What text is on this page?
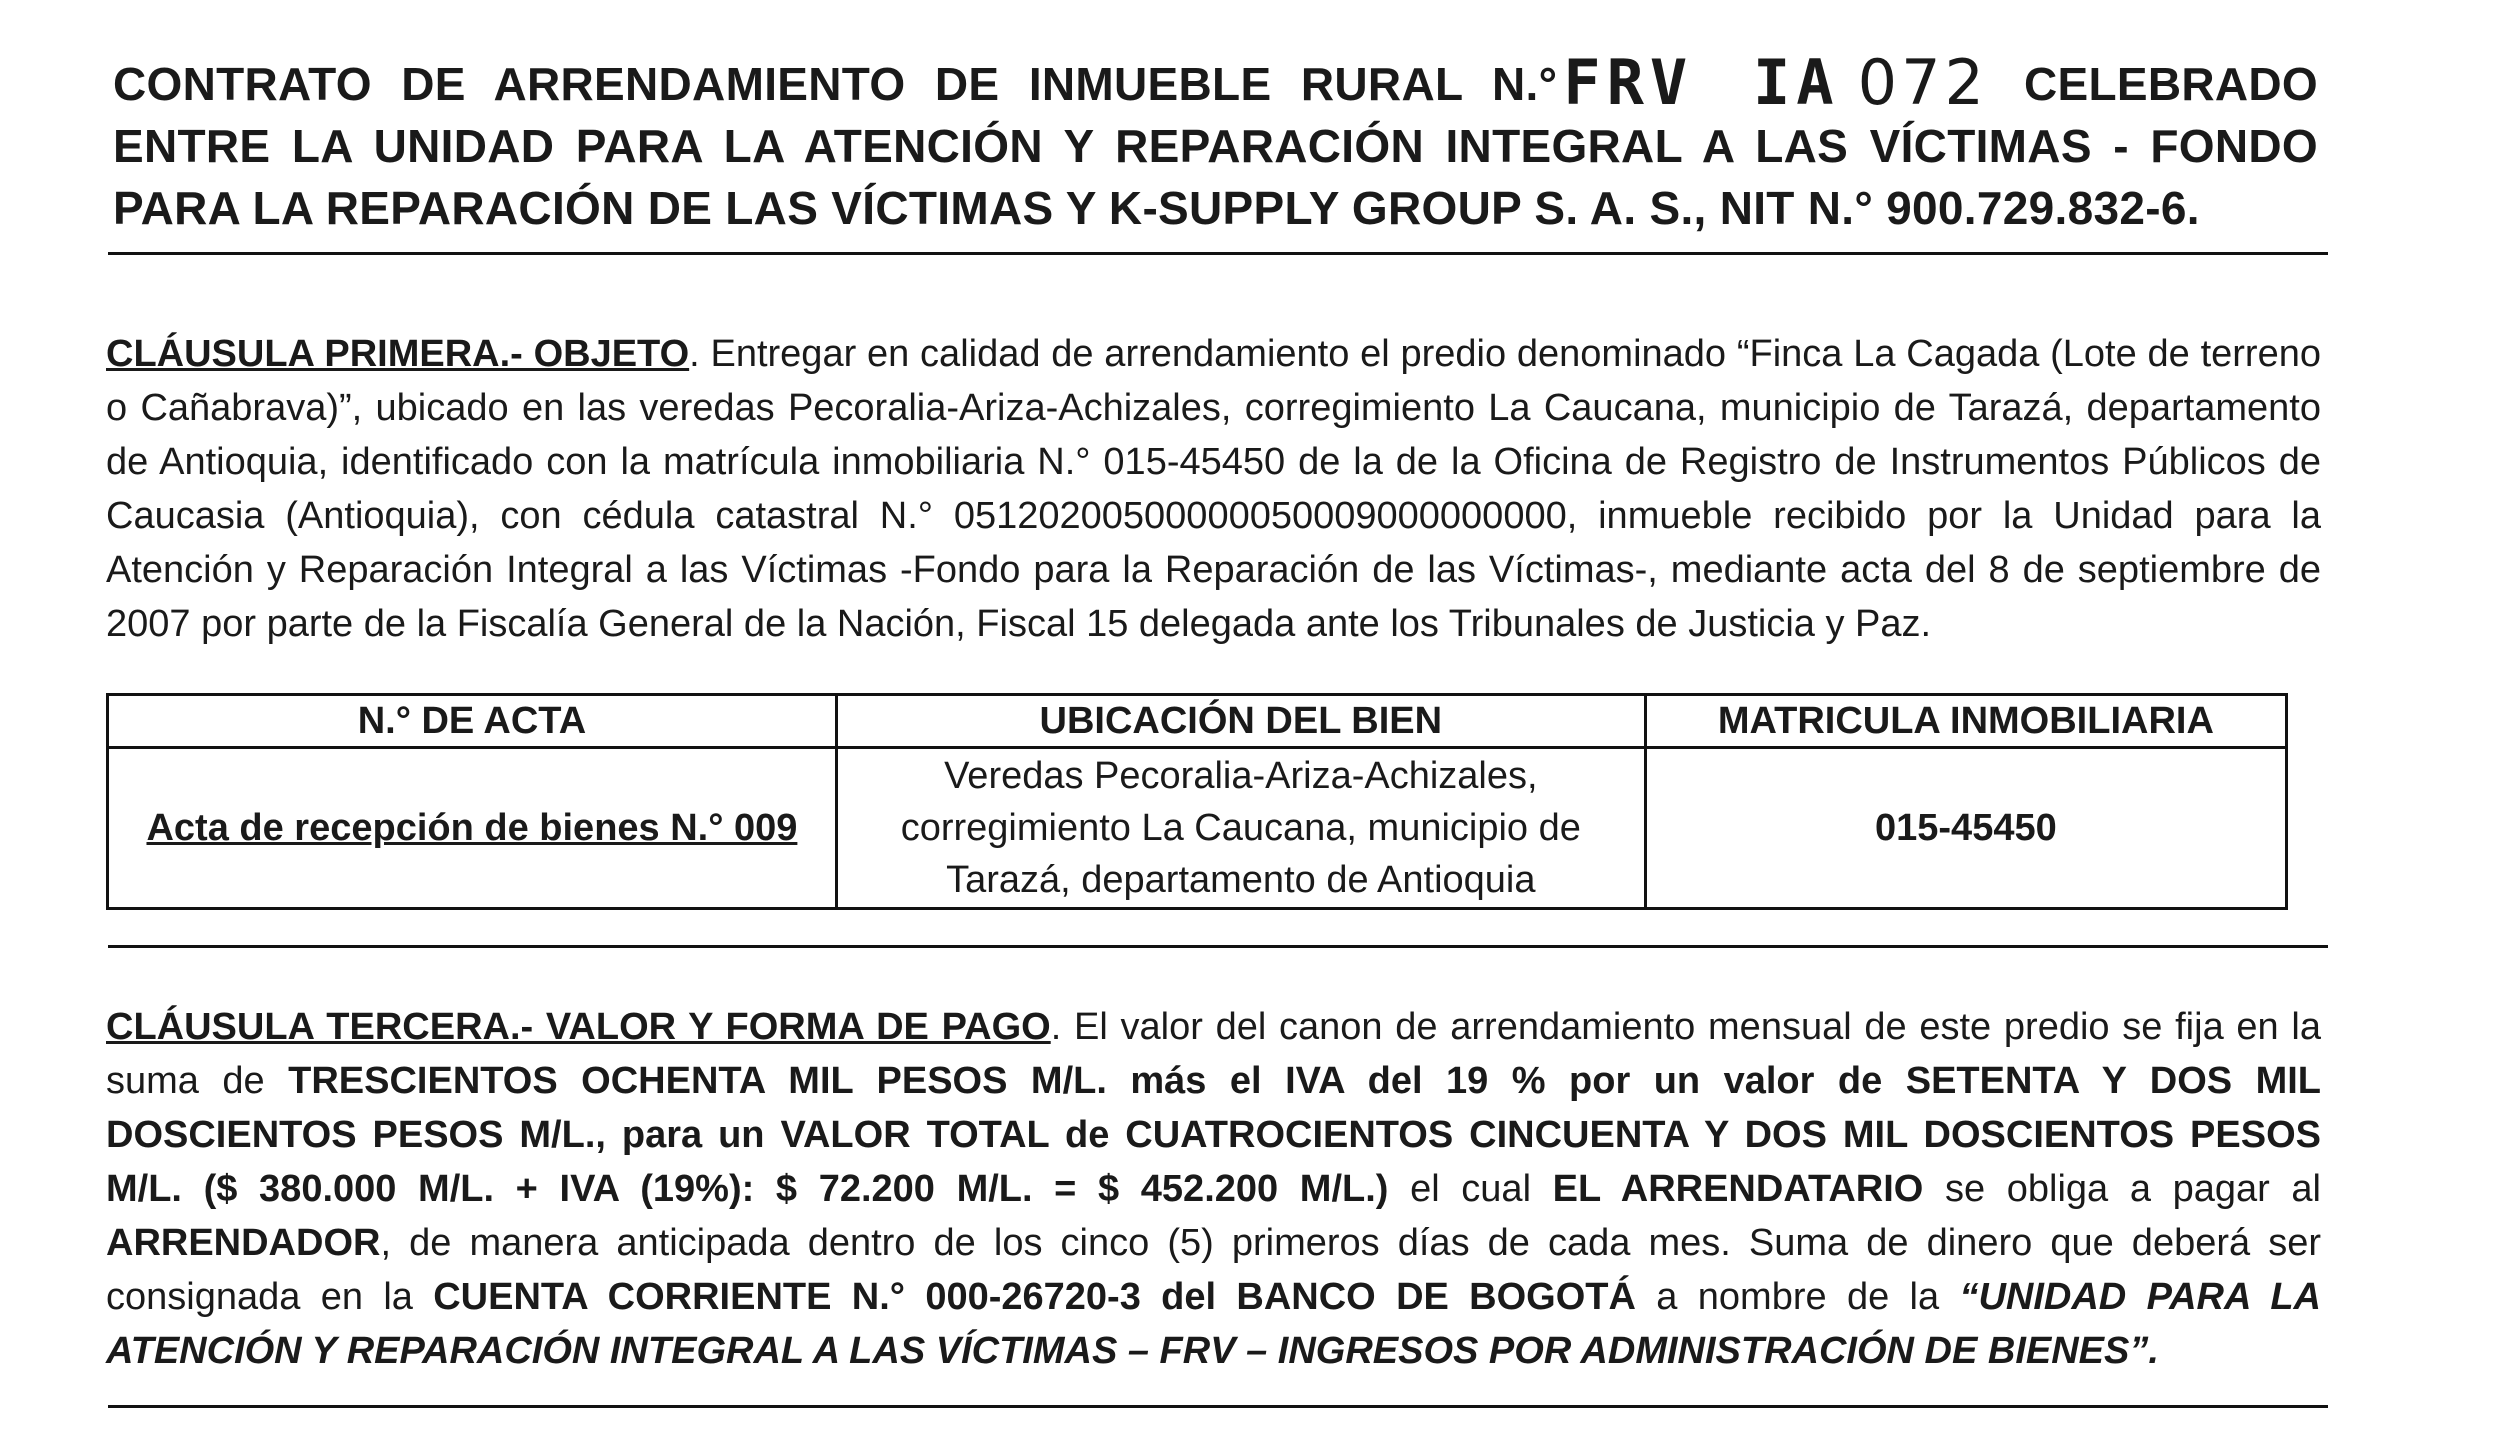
CONTRATO DE ARRENDAMIENTO DE INMUEBLE RURAL N.°FRV IA 072 CELEBRADO ENTRE LA UNIDAD PARA LA ATENCIÓN Y REPARACIÓN INTEGRAL A LAS VÍCTIMAS - FONDO PARA LA REPARACIÓN DE LAS VÍCTIMAS Y K-SUPPLY GROUP S. A. S., NIT N.° 900.729.832-6.
CLÁUSULA PRIMERA.- OBJETO. Entregar en calidad de arrendamiento el predio denominado “Finca La Cagada (Lote de terreno o Cañabrava)”, ubicado en las veredas Pecoralia-Ariza-Achizales, corregimiento La Caucana, municipio de Tarazá, departamento de Antioquia, identificado con la matrícula inmobiliaria N.° 015-45450 de la de la Oficina de Registro de Instrumentos Públicos de Caucasia (Antioquia), con cédula catastral N.° 05120200500000050009000000000, inmueble recibido por la Unidad para la Atención y Reparación Integral a las Víctimas -Fondo para la Reparación de las Víctimas-, mediante acta del 8 de septiembre de 2007 por parte de la Fiscalía General de la Nación, Fiscal 15 delegada ante los Tribunales de Justicia y Paz.
N.° DE ACTA	UBICACIÓN DEL BIEN	MATRICULA INMOBILIARIA
Acta de recepción de bienes N.° 009	Veredas Pecoralia-Ariza-Achizales, corregimiento La Caucana, municipio de Tarazá, departamento de Antioquia	015-45450
CLÁUSULA TERCERA.- VALOR Y FORMA DE PAGO. El valor del canon de arrendamiento mensual de este predio se fija en la suma de TRESCIENTOS OCHENTA MIL PESOS M/L. más el IVA del 19 % por un valor de SETENTA Y DOS MIL DOSCIENTOS PESOS M/L., para un VALOR TOTAL de CUATROCIENTOS CINCUENTA Y DOS MIL DOSCIENTOS PESOS M/L. ($ 380.000 M/L. + IVA (19%): $ 72.200 M/L. = $ 452.200 M/L.) el cual EL ARRENDATARIO se obliga a pagar al ARRENDADOR, de manera anticipada dentro de los cinco (5) primeros días de cada mes. Suma de dinero que deberá ser consignada en la CUENTA CORRIENTE N.° 000-26720-3 del BANCO DE BOGOTÁ a nombre de la “UNIDAD PARA LA ATENCIÓN Y REPARACIÓN INTEGRAL A LAS VÍCTIMAS – FRV – INGRESOS POR ADMINISTRACIÓN DE BIENES”.
